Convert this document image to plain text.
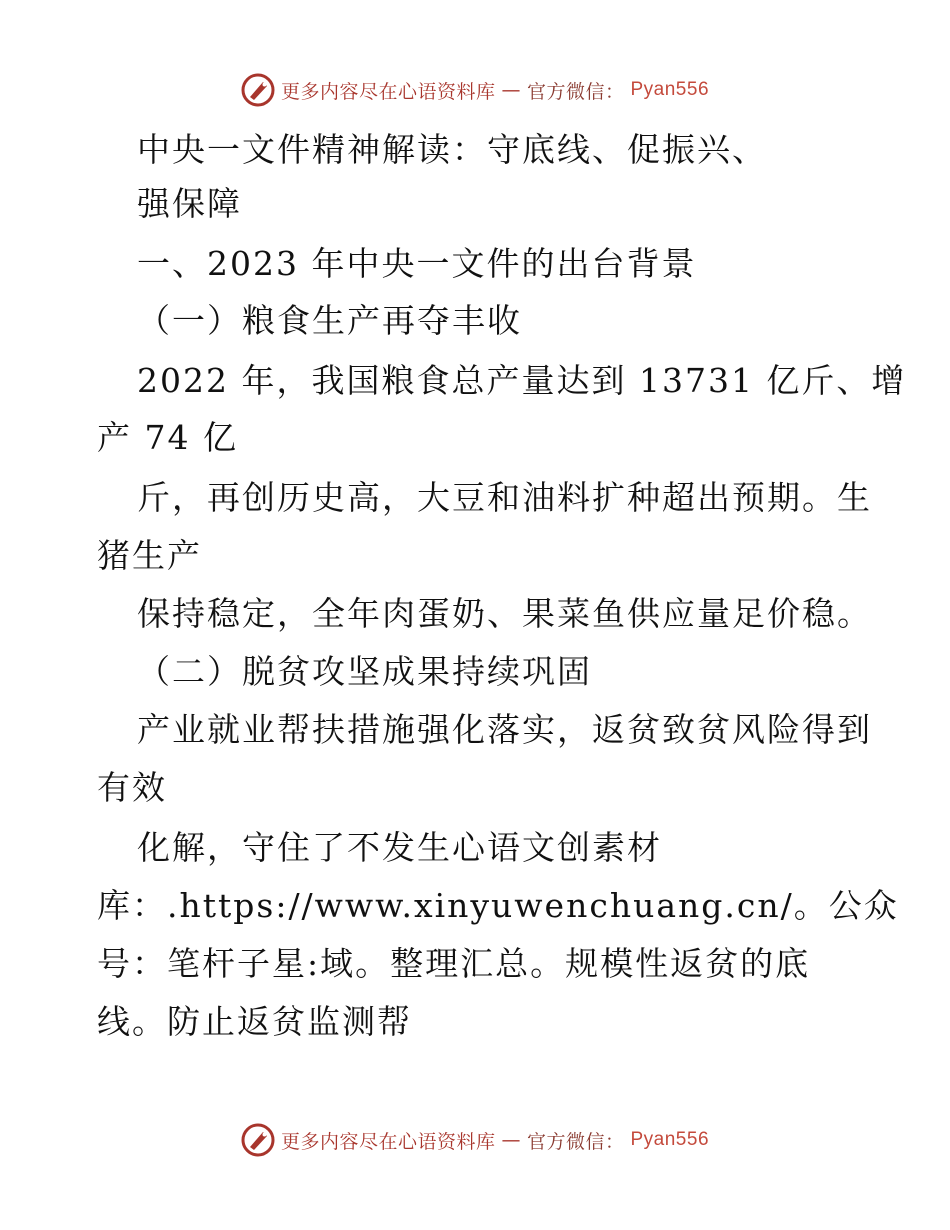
更多内容尽在心语资料库 — 官方微信： Pyan556
中央一文件精神解读：守底线、促振兴、
强保障
一、2023 年中央一文件的出台背景
（一）粮食生产再夺丰收
2022 年，我国粮食总产量达到 13731 亿斤、增
产 74 亿
斤，再创历史高，大豆和油料扩种超出预期。生
猪生产
保持稳定，全年肉蛋奶、果菜鱼供应量足价稳。
（二）脱贫攻坚成果持续巩固
产业就业帮扶措施强化落实，返贫致贫风险得到
有效
化解，守住了不发生心语文创素材
库：.https://www.xinyuwenchuang.cn/。公众
号：笔杆子星:域。整理汇总。规模性返贫的底
线。防止返贫监测帮
更多内容尽在心语资料库 — 官方微信： Pyan556
